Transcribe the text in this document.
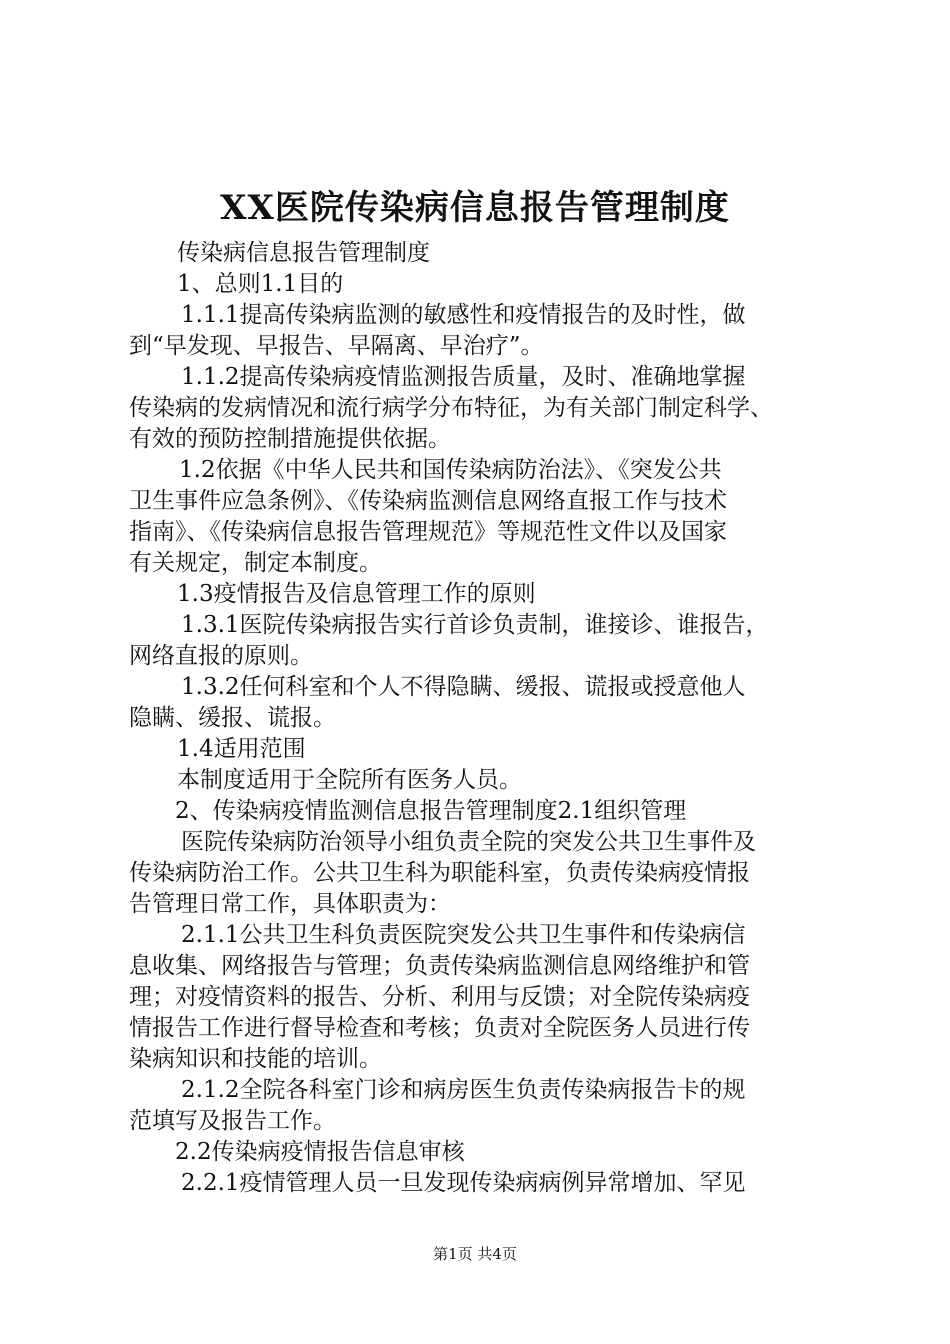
XX医院传染病信息报告管理制度
传染病信息报告管理制度
1、总则1.1目的
1.1.1提高传染病监测的敏感性和疫情报告的及时性，做
到“早发现、早报告、早隔离、早治疗”。
1.1.2提高传染病疫情监测报告质量，及时、准确地掌握
传染病的发病情况和流行病学分布特征，为有关部门制定科学、
有效的预防控制措施提供依据。
1.2依据《中华人民共和国传染病防治法》、《突发公共
卫生事件应急条例》、《传染病监测信息网络直报工作与技术
指南》、《传染病信息报告管理规范》等规范性文件以及国家
有关规定，制定本制度。
1.3疫情报告及信息管理工作的原则
1.3.1医院传染病报告实行首诊负责制，谁接诊、谁报告，
网络直报的原则。
1.3.2任何科室和个人不得隐瞒、缓报、谎报或授意他人
隐瞒、缓报、谎报。
1.4适用范围
本制度适用于全院所有医务人员。
2、传染病疫情监测信息报告管理制度2.1组织管理
医院传染病防治领导小组负责全院的突发公共卫生事件及
传染病防治工作。公共卫生科为职能科室，负责传染病疫情报
告管理日常工作，具体职责为：
2.1.1公共卫生科负责医院突发公共卫生事件和传染病信
息收集、网络报告与管理；负责传染病监测信息网络维护和管
理；对疫情资料的报告、分析、利用与反馈；对全院传染病疫
情报告工作进行督导检查和考核；负责对全院医务人员进行传
染病知识和技能的培训。
2.1.2全院各科室门诊和病房医生负责传染病报告卡的规
范填写及报告工作。
2.2传染病疫情报告信息审核
2.2.1疫情管理人员一旦发现传染病病例异常增加、罕见
第1页 共4页
